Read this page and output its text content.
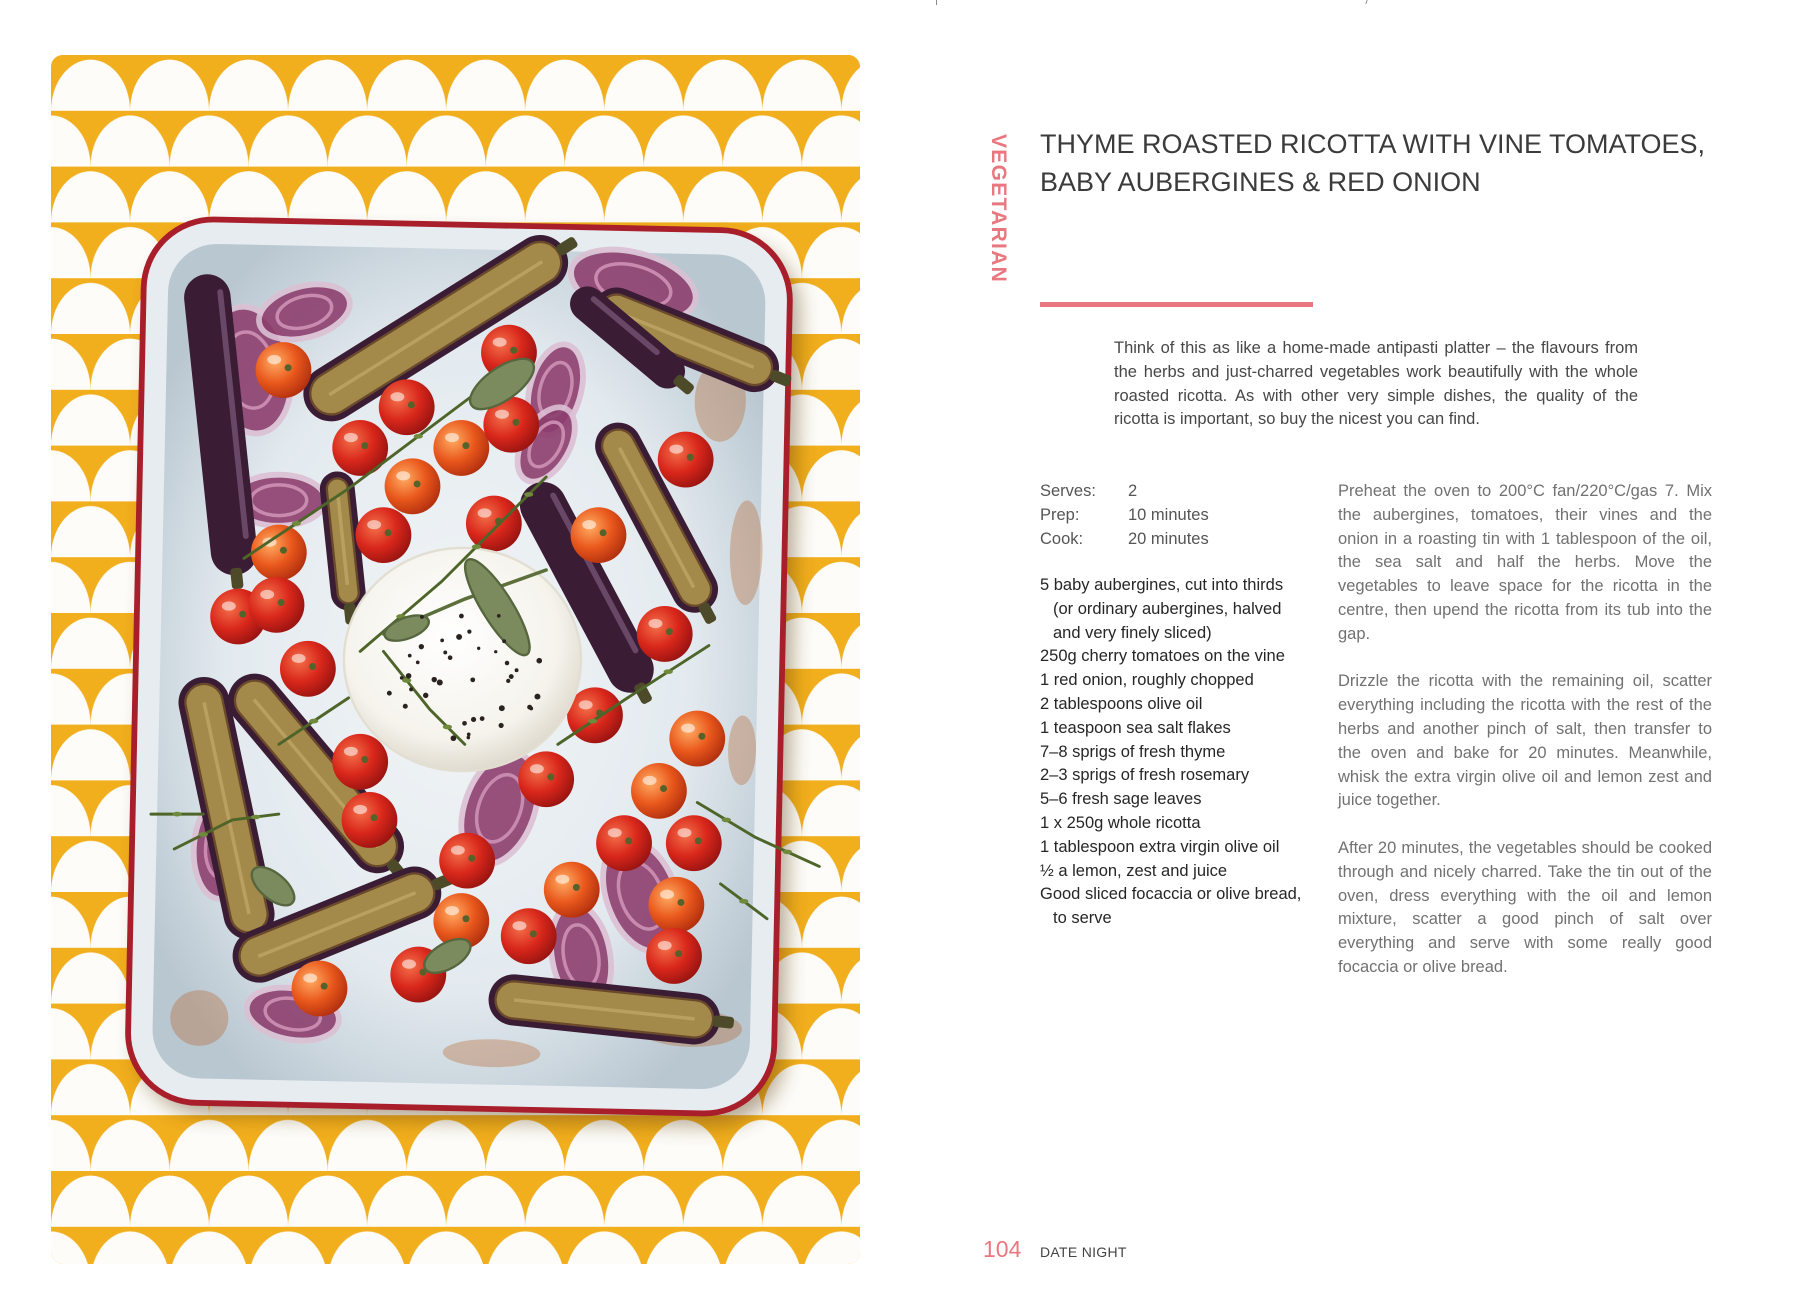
VEGETARIAN THYME ROASTED RICOTTA WITH VINE TOMATOES,
BABY AUBERGINES & RED ONION

Think of this as like a home-made antipasti platter – the flavours from the herbs and just-charred vegetables work beautifully with the whole roasted ricotta. As with other very simple dishes, the quality of the ricotta is important, so buy the nicest you can find.

Serves:	2
Prep:	10 minutes
Cook:	20 minutes
5 baby aubergines, cut into thirds (or ordinary aubergines, halved and very finely sliced)
250g cherry tomatoes on the vine
1 red onion, roughly chopped
2 tablespoons olive oil
1 teaspoon sea salt flakes
7–8 sprigs of fresh thyme
2–3 sprigs of fresh rosemary
5–6 fresh sage leaves
1 x 250g whole ricotta
1 tablespoon extra virgin olive oil
½ a lemon, zest and juice
Good sliced focaccia or olive bread, to serve

Preheat the oven to 200°C fan/220°C/gas 7. Mix the aubergines, tomatoes, their vines and the onion in a roasting tin with 1 tablespoon of the oil, the sea salt and half the herbs. Move the vegetables to leave space for the ricotta in the centre, then upend the ricotta from its tub into the gap.

Drizzle the ricotta with the remaining oil, scatter everything including the ricotta with the rest of the herbs and another pinch of salt, then transfer to the oven and bake for 20 minutes. Meanwhile, whisk the extra virgin olive oil and lemon zest and juice together.

After 20 minutes, the vegetables should be cooked through and nicely charred. Take the tin out of the oven, dress everything with the oil and lemon mixture, scatter a good pinch of salt over everything and serve with some really good focaccia or olive bread.

104	DATE NIGHT
